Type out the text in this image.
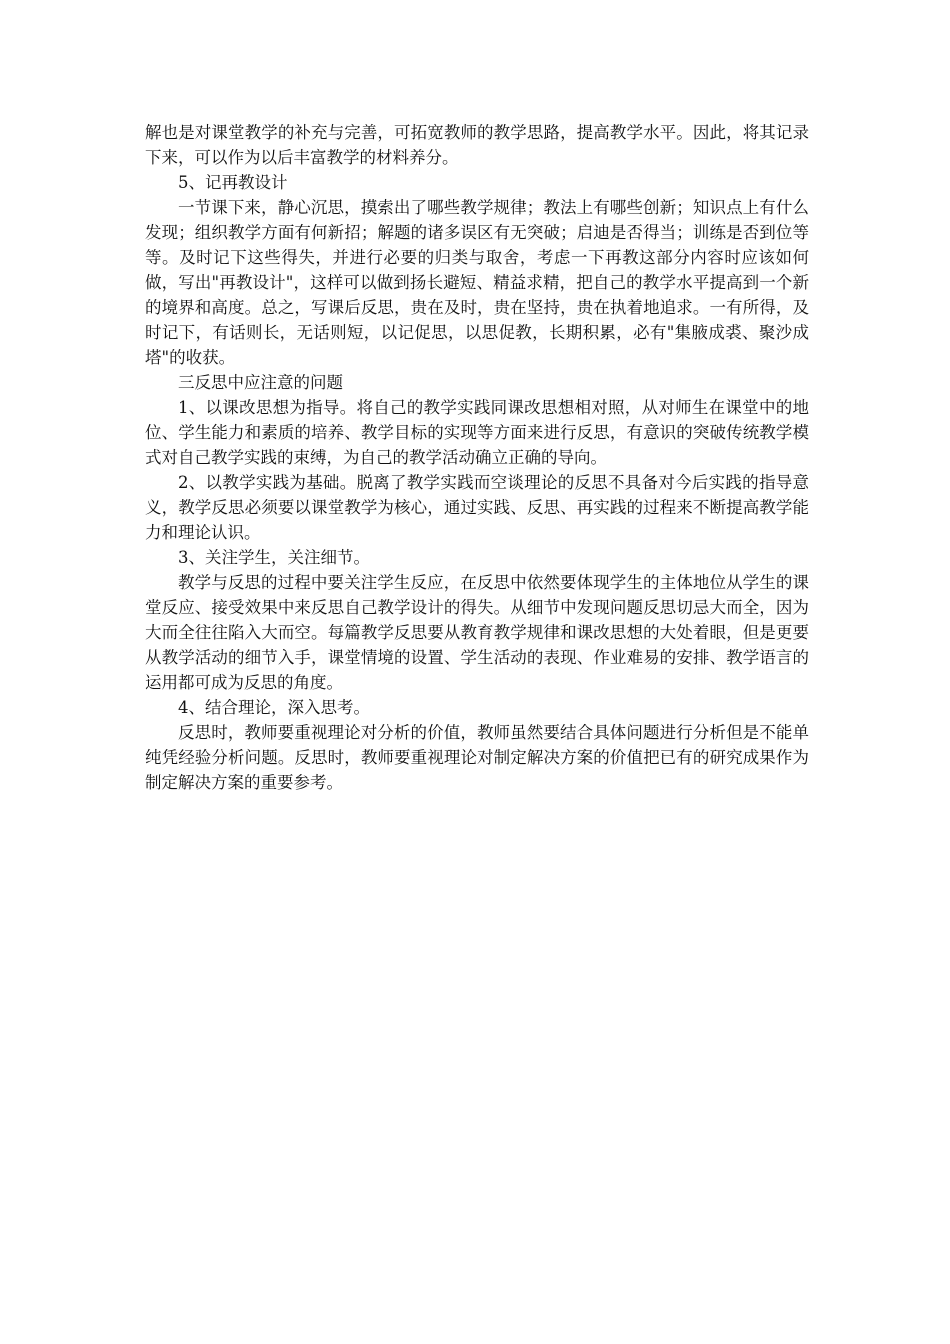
解也是对课堂教学的补充与完善，可拓宽教师的教学思路，提高教学水平。因此，将其记录下来，可以作为以后丰富教学的材料养分。

5、记再教设计

一节课下来，静心沉思，摸索出了哪些教学规律；教法上有哪些创新；知识点上有什么发现；组织教学方面有何新招；解题的诸多误区有无突破；启迪是否得当；训练是否到位等等。及时记下这些得失，并进行必要的归类与取舍，考虑一下再教这部分内容时应该如何做，写出"再教设计"，这样可以做到扬长避短、精益求精，把自己的教学水平提高到一个新的境界和高度。总之，写课后反思，贵在及时，贵在坚持，贵在执着地追求。一有所得，及时记下，有话则长，无话则短，以记促思，以思促教，长期积累，必有"集腋成裘、聚沙成塔"的收获。

三反思中应注意的问题

1、以课改思想为指导。将自己的教学实践同课改思想相对照，从对师生在课堂中的地位、学生能力和素质的培养、教学目标的实现等方面来进行反思，有意识的突破传统教学模式对自己教学实践的束缚，为自己的教学活动确立正确的导向。

2、以教学实践为基础。脱离了教学实践而空谈理论的反思不具备对今后实践的指导意义，教学反思必须要以课堂教学为核心，通过实践、反思、再实践的过程来不断提高教学能力和理论认识。

3、关注学生，关注细节。

教学与反思的过程中要关注学生反应，在反思中依然要体现学生的主体地位从学生的课堂反应、接受效果中来反思自己教学设计的得失。从细节中发现问题反思切忌大而全，因为大而全往往陷入大而空。每篇教学反思要从教育教学规律和课改思想的大处着眼，但是更要从教学活动的细节入手，课堂情境的设置、学生活动的表现、作业难易的安排、教学语言的运用都可成为反思的角度。

4、结合理论，深入思考。

反思时，教师要重视理论对分析的价值，教师虽然要结合具体问题进行分析但是不能单纯凭经验分析问题。反思时，教师要重视理论对制定解决方案的价值把已有的研究成果作为制定解决方案的重要参考。
